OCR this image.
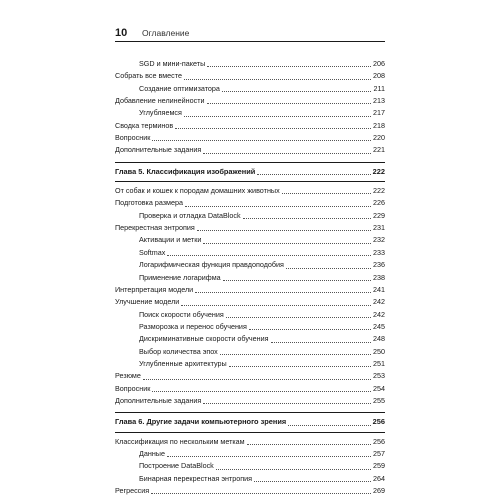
10 Оглавление
SGD и мини-пакеты	206
Собрать все вместе	208
Создание оптимизатора	211
Добавление нелинейности	213
Углубляемся	217
Сводка терминов	218
Вопросник	220
Дополнительные задания	221
Глава 5. Классификация изображений	222
От собак и кошек к породам домашних животных	222
Подготовка размера	226
Проверка и отладка DataBlock	229
Перекрестная энтропия	231
Активации и метки	232
Softmax	233
Логарифмическая функция правдоподобия	236
Применение логарифма	238
Интерпретация модели	241
Улучшение модели	242
Поиск скорости обучения	242
Разморозка и перенос обучения	245
Дискриминативные скорости обучения	248
Выбор количества эпох	250
Углубленные архитектуры	251
Резюме	253
Вопросник	254
Дополнительные задания	255
Глава 6. Другие задачи компьютерного зрения	256
Классификация по нескольким меткам	256
Данные	257
Построение DataBlock	259
Бинарная перекрестная энтропия	264
Регрессия	269
